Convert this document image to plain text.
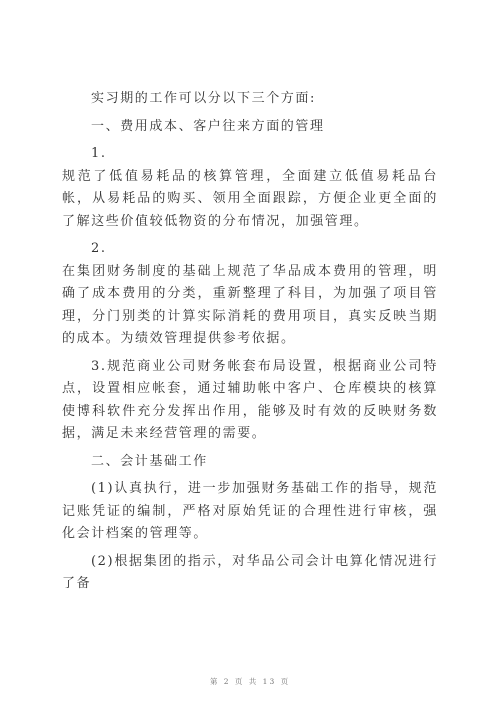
实习期的工作可以分以下三个方面:

一、费用成本、客户往来方面的管理

1.

规范了低值易耗品的核算管理，全面建立低值易耗品台帐，从易耗品的购买、领用全面跟踪，方便企业更全面的了解这些价值较低物资的分布情况，加强管理。

2.

在集团财务制度的基础上规范了华品成本费用的管理，明确了成本费用的分类，重新整理了科目，为加强了项目管理，分门别类的计算实际消耗的费用项目，真实反映当期的成本。为绩效管理提供参考依据。

3.规范商业公司财务帐套布局设置，根据商业公司特点，设置相应帐套，通过辅助帐中客户、仓库模块的核算使博科软件充分发挥出作用，能够及时有效的反映财务数据，满足未来经营管理的需要。

二、会计基础工作

(1)认真执行，进一步加强财务基础工作的指导，规范记账凭证的编制，严格对原始凭证的合理性进行审核，强化会计档案的管理等。

(2)根据集团的指示，对华品公司会计电算化情况进行了备

第 2 页 共 13 页
